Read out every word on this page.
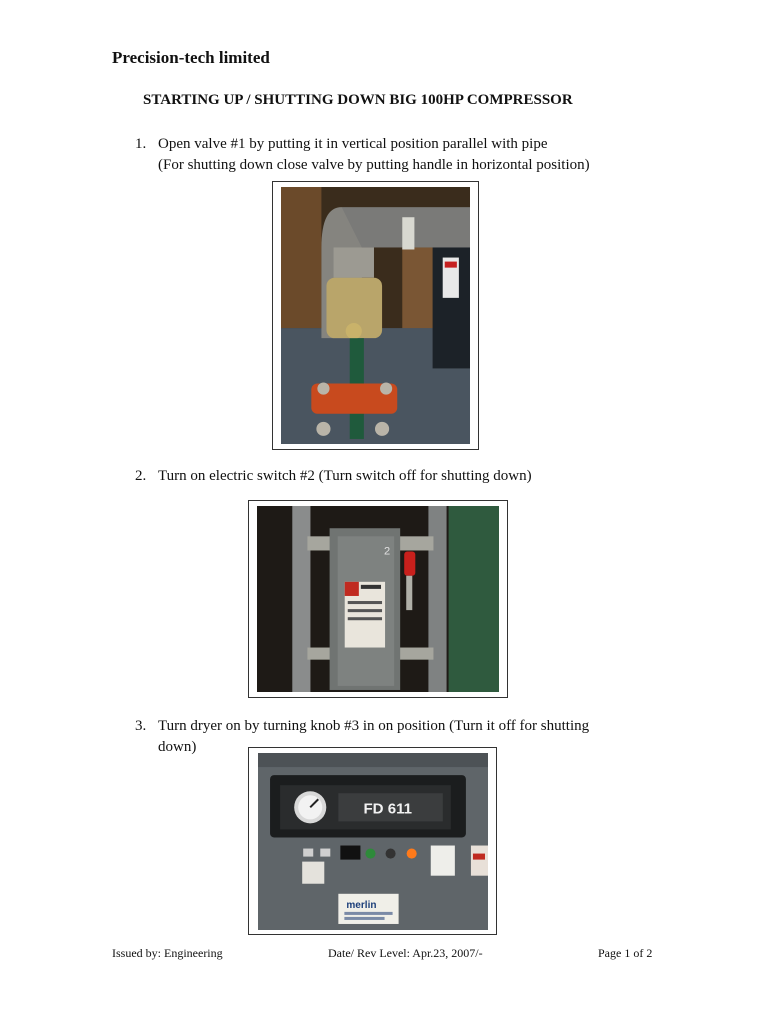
Precision-tech limited
STARTING UP / SHUTTING DOWN BIG 100HP COMPRESSOR
1. Open valve #1 by putting it in vertical position parallel with pipe
(For shutting down close valve by putting handle in horizontal position)
2. Turn on electric switch #2 (Turn switch off for shutting down)
2
3. Turn dryer on by turning knob #3 in on position (Turn it off for shutting
down)
FD 611
merlin
Issued by: Engineering	Date/ Rev Level: Apr.23, 2007/-	Page 1 of 2
